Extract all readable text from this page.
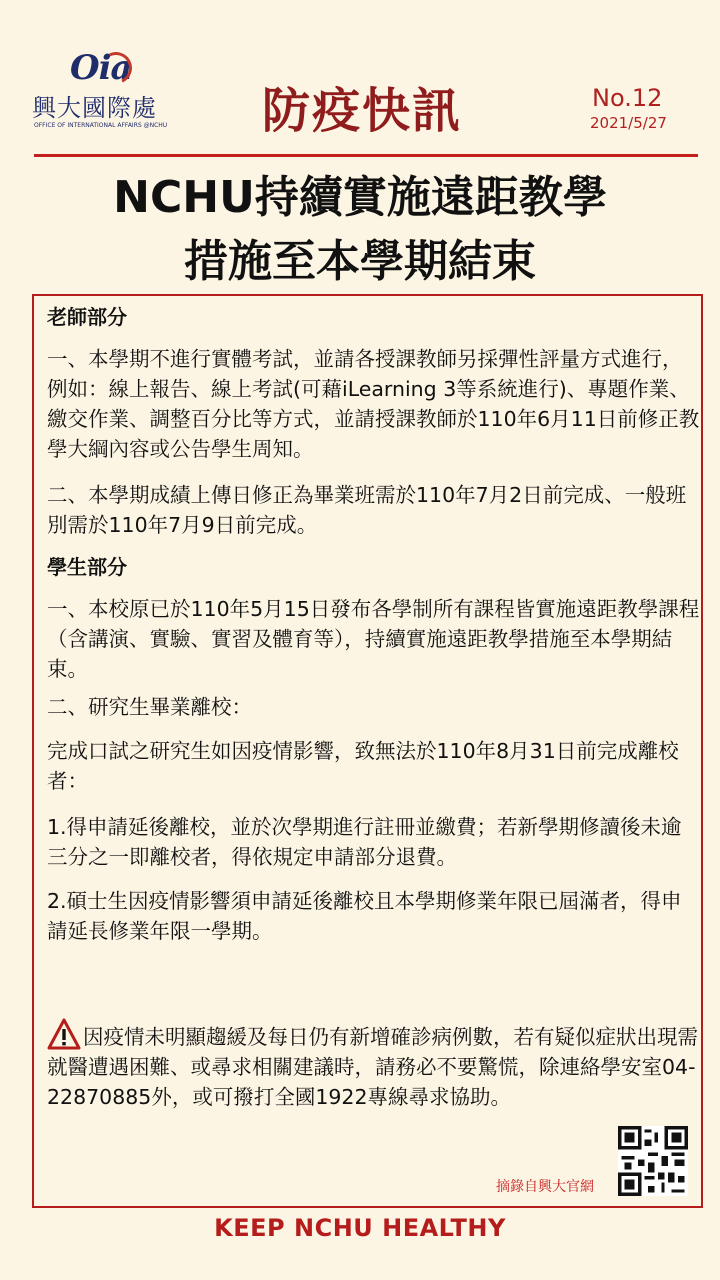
Oia
興大國際處
OFFICE OF INTERNATIONAL AFFAIRS @NCHU 防疫快訊	No.12
2021/5/27
NCHU持續實施遠距教學
措施至本學期結束
老師部分
一、本學期不進行實體考試，並請各授課教師另採彈性評量方式進行，例如：線上報告、線上考試(可藉iLearning 3等系統進行)、專題作業、繳交作業、調整百分比等方式，並請授課教師於110年6月11日前修正教學大綱內容或公告學生周知。
二、本學期成績上傳日修正為畢業班需於110年7月2日前完成、一般班別需於110年7月9日前完成。
學生部分
一、本校原已於110年5月15日發布各學制所有課程皆實施遠距教學課程（含講演、實驗、實習及體育等），持續實施遠距教學措施至本學期結束。
二、研究生畢業離校：
完成口試之研究生如因疫情影響，致無法於110年8月31日前完成離校者：
1.得申請延後離校，並於次學期進行註冊並繳費；若新學期修讀後未逾三分之一即離校者，得依規定申請部分退費。
2.碩士生因疫情影響須申請延後離校且本學期修業年限已屆滿者，得申請延長修業年限一學期。
因疫情未明顯趨緩及每日仍有新增確診病例數，若有疑似症狀出現需就醫遭遇困難、或尋求相關建議時，請務必不要驚慌，除連絡學安室04-22870885外，或可撥打全國1922專線尋求協助。
摘錄自興大官網
KEEP NCHU HEALTHY
